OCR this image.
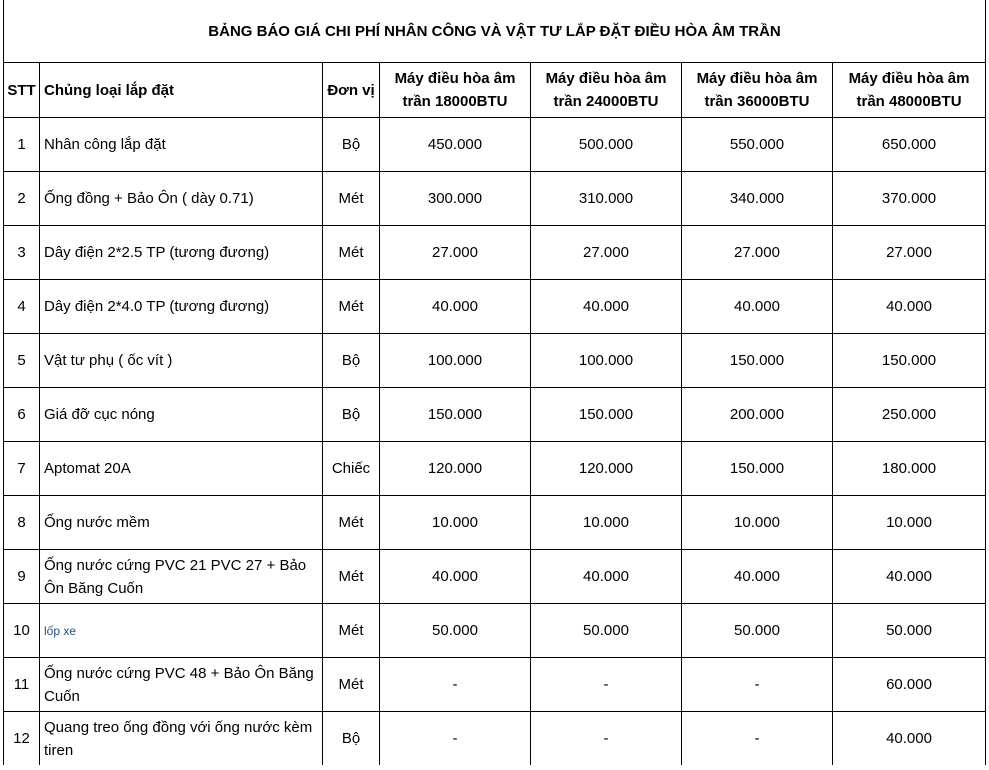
BẢNG BÁO GIÁ CHI PHÍ NHÂN CÔNG VÀ VẬT TƯ LẮP ĐẶT ĐIỀU HÒA ÂM TRẦN						
STT	Chủng loại lắp đặt	Đơn vị	Máy điều hòa âm trần 18000BTU	Máy điều hòa âm trần 24000BTU	Máy điều hòa âm trần 36000BTU	Máy điều hòa âm trần 48000BTU
1	Nhân công lắp đặt	Bộ	450.000	500.000	550.000	650.000
2	Ống đồng + Bảo Ôn ( dày 0.71)	Mét	300.000	310.000	340.000	370.000
3	Dây điện 2*2.5 TP (tương đương)	Mét	27.000	27.000	27.000	27.000
4	Dây điện 2*4.0 TP (tương đương)	Mét	40.000	40.000	40.000	40.000
5	Vật tư phụ ( ốc vít )	Bộ	100.000	100.000	150.000	150.000
6	Giá đỡ cục nóng	Bộ	150.000	150.000	200.000	250.000
7	Aptomat 20A	Chiếc	120.000	120.000	150.000	180.000
8	Ống nước mềm	Mét	10.000	10.000	10.000	10.000
9	Ống nước cứng PVC 21 PVC 27 + Bảo Ôn Băng Cuốn	Mét	40.000	40.000	40.000	40.000
10	lốp xe	Mét	50.000	50.000	50.000	50.000
11	Ống nước cứng PVC 48 + Bảo Ôn Băng Cuốn	Mét	-	-	-	60.000
12	Quang treo ống đồng với ống nước kèm tiren	Bộ	-	-	-	40.000
